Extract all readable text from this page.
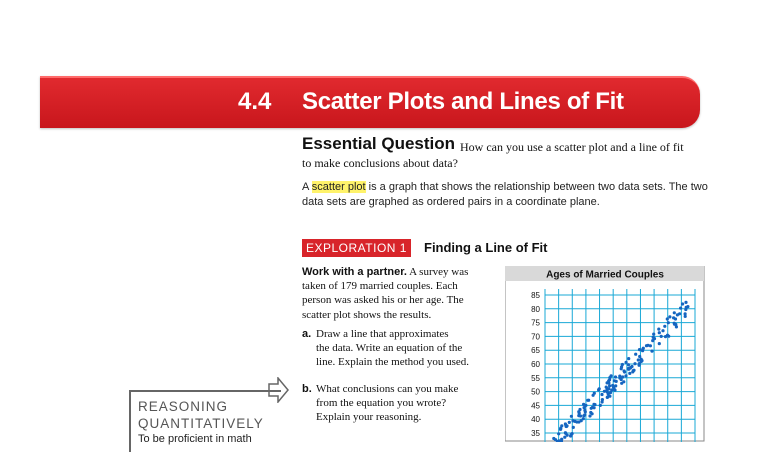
4.4 Scatter Plots and Lines of Fit
Essential Question How can you use a scatter plot and a line of fit
to make conclusions about data?
A scatter plot is a graph that shows the relationship between two data sets. The two
data sets are graphed as ordered pairs in a coordinate plane.
EXPLORATION 1	Finding a Line of Fit
Work with a partner. A survey was
taken of 179 married couples. Each
person was asked his or her age. The
scatter plot shows the results.
a. Draw a line that approximates
the data. Write an equation of the
line. Explain the method you used.
b. What conclusions can you make
from the equation you wrote?
Explain your reasoning.
REASONING
QUANTITATIVELY
To be proficient in math
Ages of Married Couples
85
80
75
70
65
60
55
50
45
40
35
